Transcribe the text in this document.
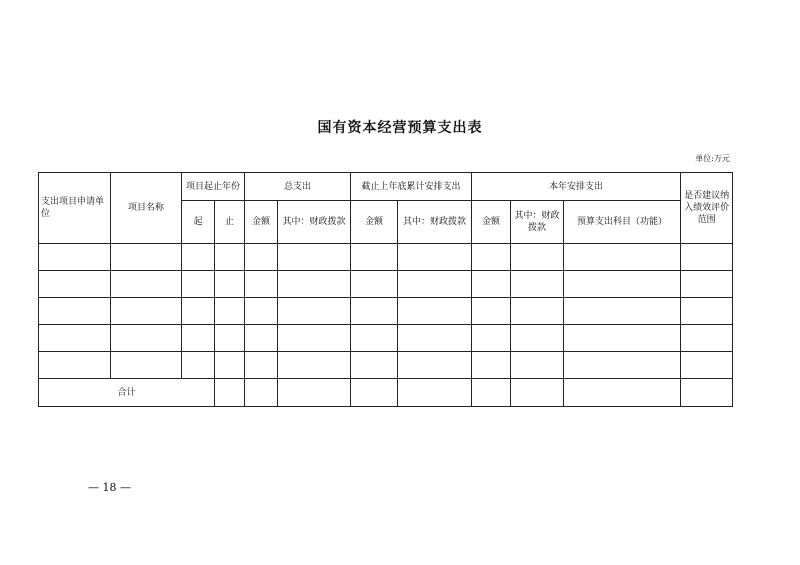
国有资本经营预算支出表
单位:万元
支出项目申请单位	项目名称	项目起止年份		总支出		截止上年底累计安排支出		本年安排支出			是否建议纳入绩效评价范围
		起	止	金额	其中：财政拨款	金额	其中：财政拨款	金额	其中：财政拨款	预算支出科目（功能）	

合计											
— 18 —
